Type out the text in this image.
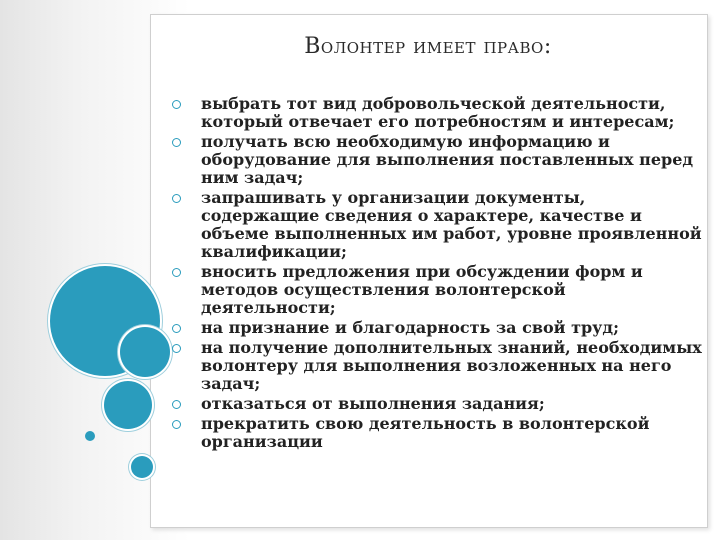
Волонтер имеет право:
выбрать тот вид добровольческой деятельности, который отвечает его потребностям и интересам;
получать всю необходимую информацию и оборудование для выполнения поставленных перед ним задач;
запрашивать у организации документы, содержащие сведения о характере, качестве и объеме выполненных им работ, уровне проявленной квалификации;
вносить предложения при обсуждении форм и методов осуществления волонтерской деятельности;
на признание и благодарность за свой труд;
на получение дополнительных знаний, необходимых волонтеру для выполнения возложенных на него задач;
отказаться от выполнения задания;
прекратить свою деятельность в волонтерской организации
